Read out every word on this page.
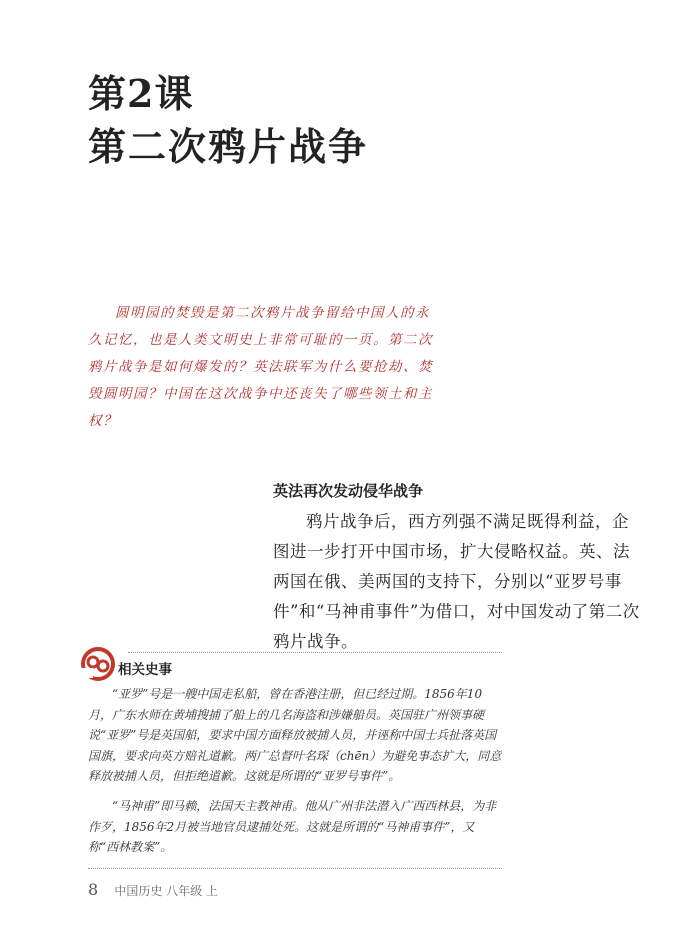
第2课
第二次鸦片战争

圆明园的焚毁是第二次鸦片战争留给中国人的永久记忆，也是人类文明史上非常可耻的一页。第二次鸦片战争是如何爆发的？英法联军为什么要抢劫、焚毁圆明园？中国在这次战争中还丧失了哪些领土和主权？

英法再次发动侵华战争

鸦片战争后，西方列强不满足既得利益，企图进一步打开中国市场，扩大侵略权益。英、法两国在俄、美两国的支持下，分别以“亚罗号事件”和“马神甫事件”为借口，对中国发动了第二次鸦片战争。

相关史事

“亚罗”号是一艘中国走私船，曾在香港注册，但已经过期。1856年10月，广东水师在黄埔搜捕了船上的几名海盗和涉嫌船员。英国驻广州领事硬说“亚罗”号是英国船，要求中国方面释放被捕人员，并诬称中国士兵扯落英国国旗，要求向英方赔礼道歉。两广总督叶名琛（chēn）为避免事态扩大，同意释放被捕人员，但拒绝道歉。这就是所谓的“亚罗号事件”。

“马神甫”即马赖，法国天主教神甫。他从广州非法潜入广西西林县，为非作歹，1856年2月被当地官员逮捕处死。这就是所谓的“马神甫事件”，又称“西林教案”。

8 中国历史 八年级 上
